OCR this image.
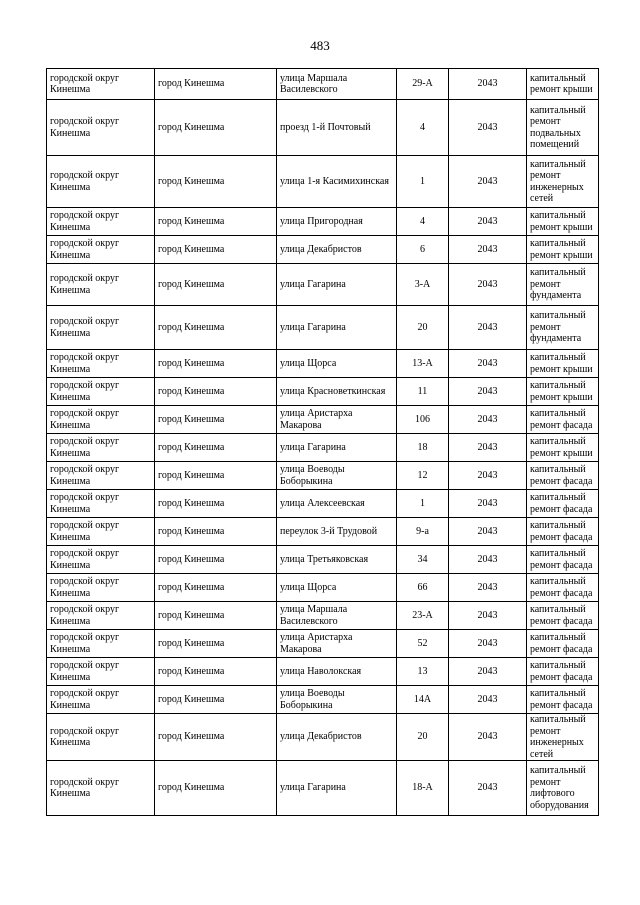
483
городской округ Кинешма	город Кинешма	улица Маршала Василевского	29-А	2043	капитальный ремонт крыши
городской округ Кинешма	город Кинешма	проезд 1-й Почтовый	4	2043	капитальный ремонт подвальных помещений
городской округ Кинешма	город Кинешма	улица 1-я Касимихинская	1	2043	капитальный ремонт инженерных сетей
городской округ Кинешма	город Кинешма	улица Пригородная	4	2043	капитальный ремонт крыши
городской округ Кинешма	город Кинешма	улица Декабристов	6	2043	капитальный ремонт крыши
городской округ Кинешма	город Кинешма	улица Гагарина	3-А	2043	капитальный ремонт фундамента
городской округ Кинешма	город Кинешма	улица Гагарина	20	2043	капитальный ремонт фундамента
городской округ Кинешма	город Кинешма	улица Щорса	13-А	2043	капитальный ремонт крыши
городской округ Кинешма	город Кинешма	улица Красноветкинская	11	2043	капитальный ремонт крыши
городской округ Кинешма	город Кинешма	улица Аристарха Макарова	106	2043	капитальный ремонт фасада
городской округ Кинешма	город Кинешма	улица Гагарина	18	2043	капитальный ремонт крыши
городской округ Кинешма	город Кинешма	улица Воеводы Боборыкина	12	2043	капитальный ремонт фасада
городской округ Кинешма	город Кинешма	улица Алексеевская	1	2043	капитальный ремонт фасада
городской округ Кинешма	город Кинешма	переулок 3-й Трудовой	9-а	2043	капитальный ремонт фасада
городской округ Кинешма	город Кинешма	улица Третьяковская	34	2043	капитальный ремонт фасада
городской округ Кинешма	город Кинешма	улица Щорса	66	2043	капитальный ремонт фасада
городской округ Кинешма	город Кинешма	улица Маршала Василевского	23-А	2043	капитальный ремонт фасада
городской округ Кинешма	город Кинешма	улица Аристарха Макарова	52	2043	капитальный ремонт фасада
городской округ Кинешма	город Кинешма	улица Наволокская	13	2043	капитальный ремонт фасада
городской округ Кинешма	город Кинешма	улица Воеводы Боборыкина	14А	2043	капитальный ремонт фасада
городской округ Кинешма	город Кинешма	улица Декабристов	20	2043	капитальный ремонт инженерных сетей
городской округ Кинешма	город Кинешма	улица Гагарина	18-А	2043	капитальный ремонт лифтового оборудования
